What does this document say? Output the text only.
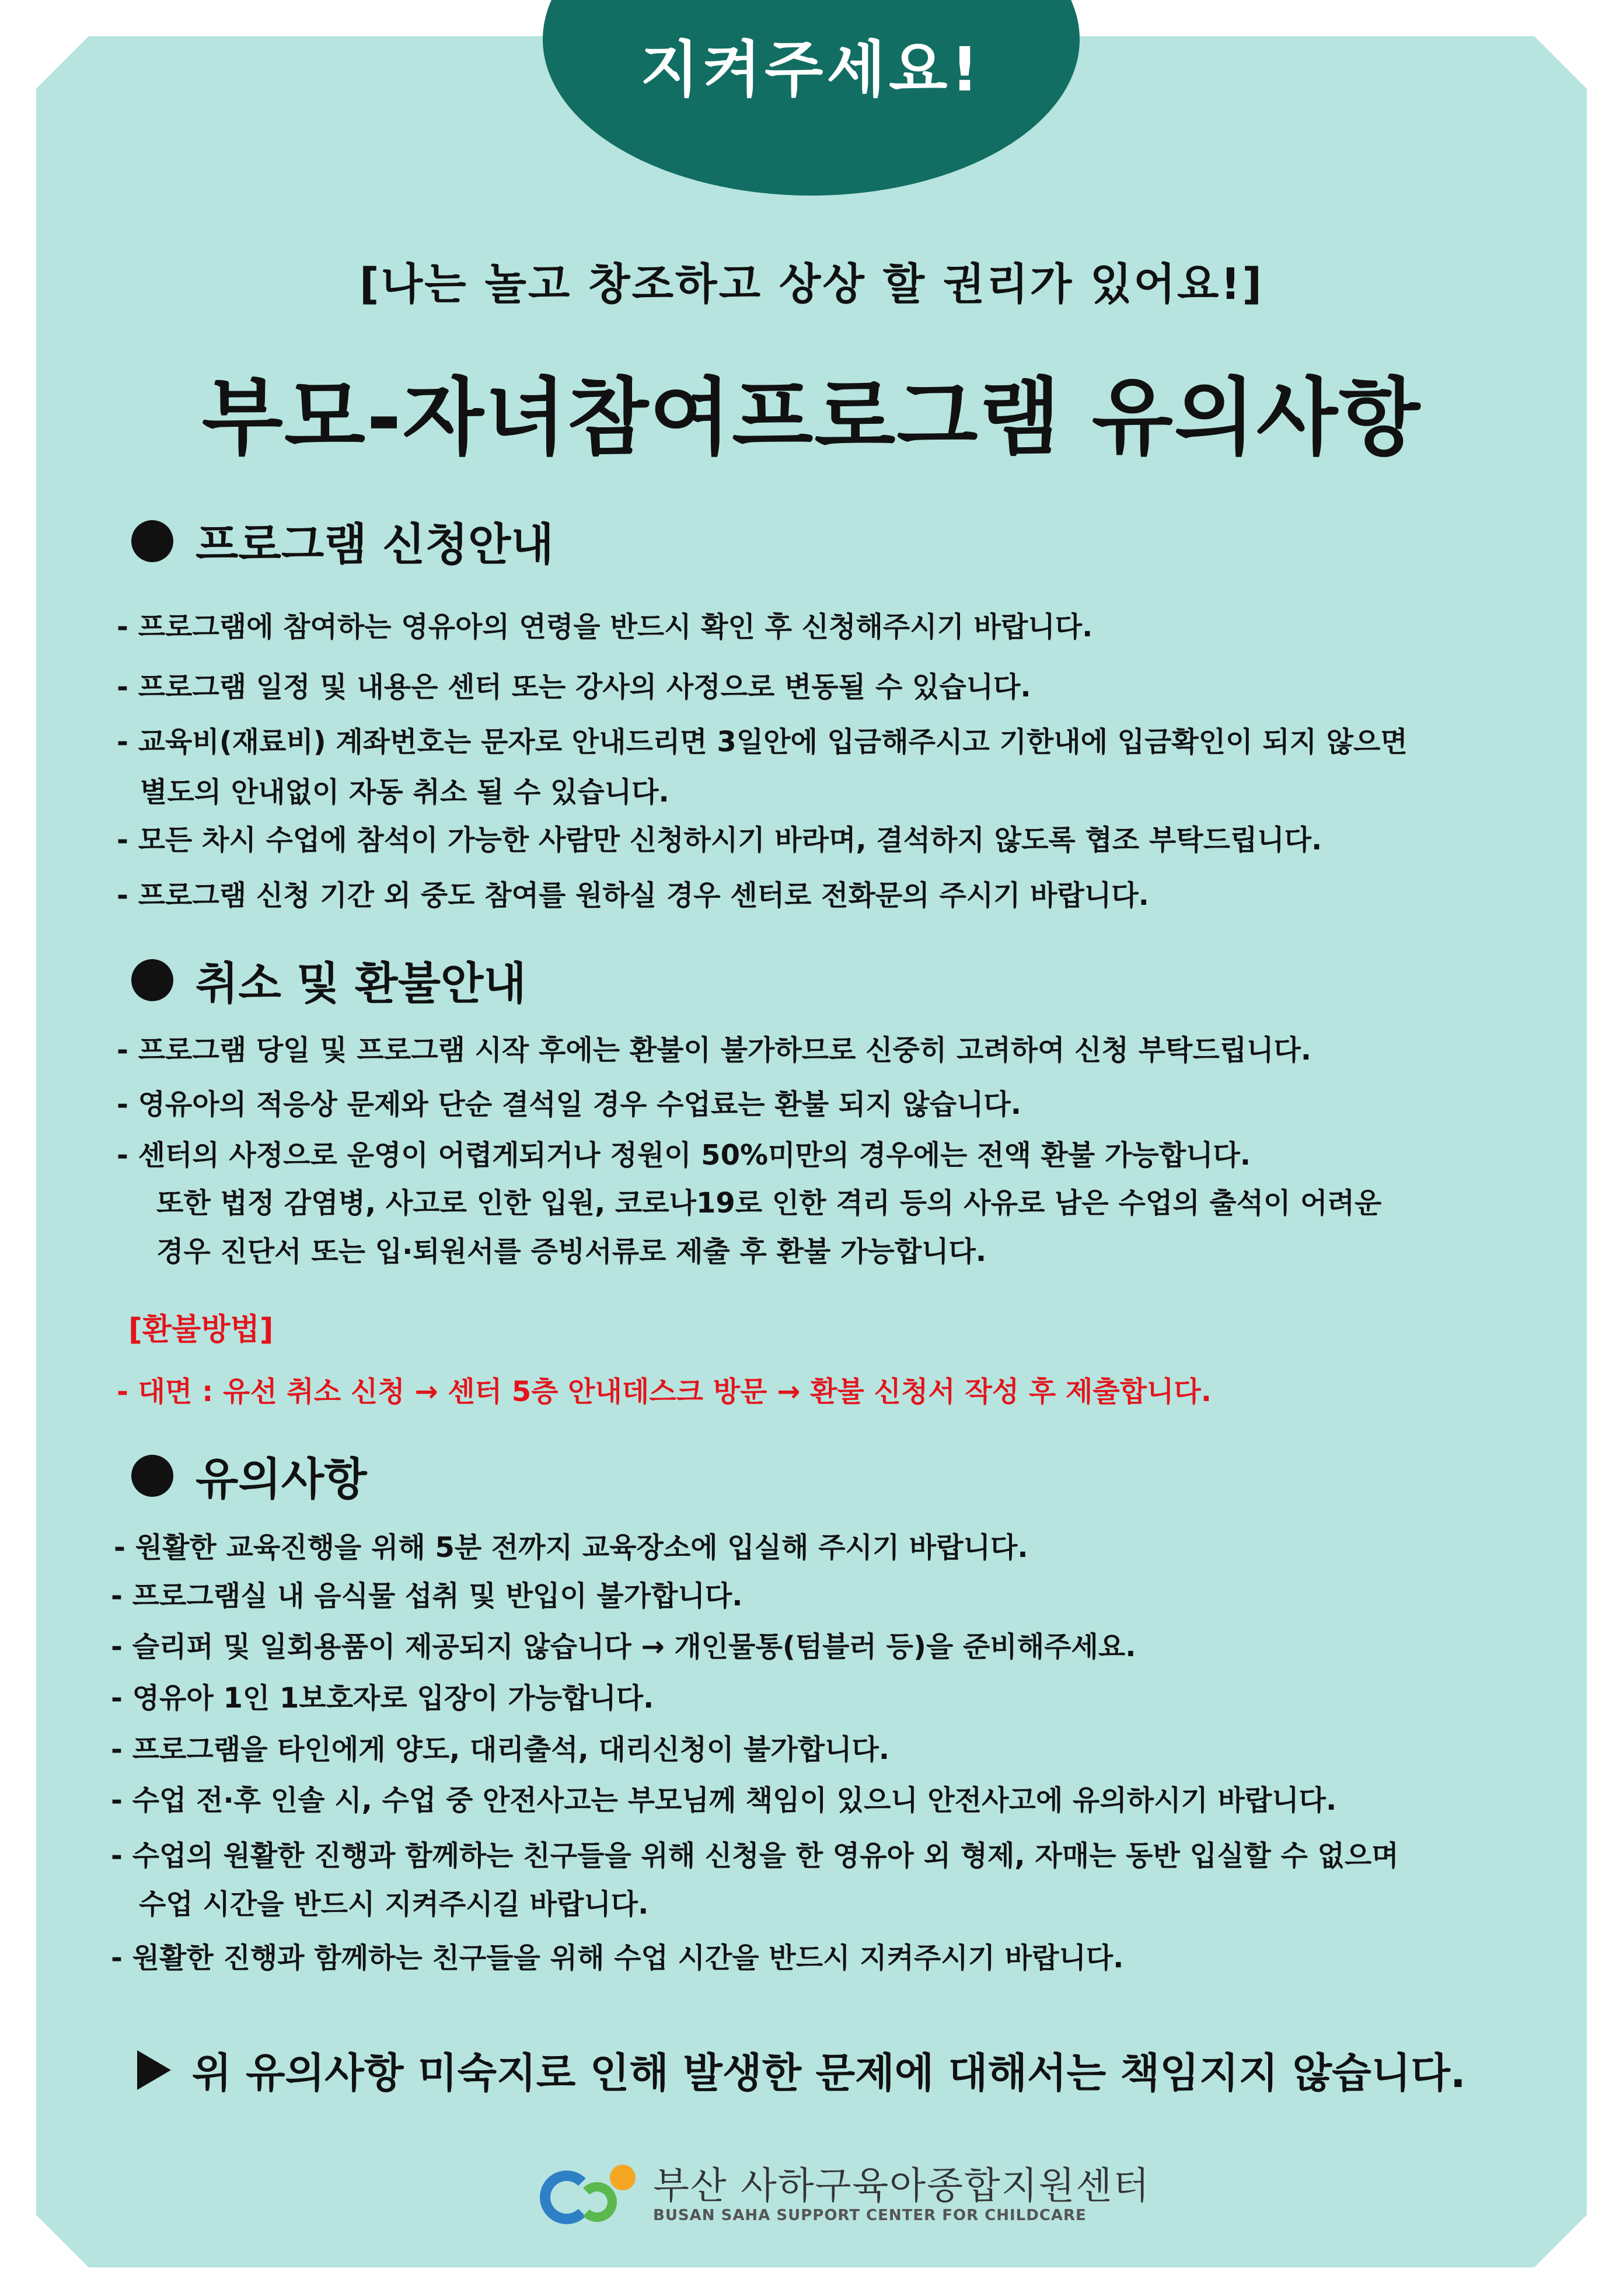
지켜주세요!
[나는 놀고 창조하고 상상 할 권리가 있어요!]
부모-자녀참여프로그램 유의사항
프로그램 신청안내
- 프로그램에 참여하는 영유아의 연령을 반드시 확인 후 신청해주시기 바랍니다.
- 프로그램 일정 및 내용은 센터 또는 강사의 사정으로 변동될 수 있습니다.
- 교육비(재료비) 계좌번호는 문자로 안내드리면 3일안에 입금해주시고 기한내에 입금확인이 되지 않으면
별도의 안내없이 자동 취소 될 수 있습니다.
- 모든 차시 수업에 참석이 가능한 사람만 신청하시기 바라며, 결석하지 않도록 협조 부탁드립니다.
- 프로그램 신청 기간 외 중도 참여를 원하실 경우 센터로 전화문의 주시기 바랍니다.
취소 및 환불안내
- 프로그램 당일 및 프로그램 시작 후에는 환불이 불가하므로 신중히 고려하여 신청 부탁드립니다.
- 영유아의 적응상 문제와 단순 결석일 경우 수업료는 환불 되지 않습니다.
- 센터의 사정으로 운영이 어렵게되거나 정원이 50%미만의 경우에는 전액 환불 가능합니다.
또한 법정 감염병, 사고로 인한 입원, 코로나19로 인한 격리 등의 사유로 남은 수업의 출석이 어려운
경우 진단서 또는 입·퇴원서를 증빙서류로 제출 후 환불 가능합니다.
[환불방법]
- 대면 : 유선 취소 신청 → 센터 5층 안내데스크 방문 → 환불 신청서 작성 후 제출합니다.
유의사항
- 원활한 교육진행을 위해 5분 전까지 교육장소에 입실해 주시기 바랍니다.
- 프로그램실 내 음식물 섭취 및 반입이 불가합니다.
- 슬리퍼 및 일회용품이 제공되지 않습니다 → 개인물통(텀블러 등)을 준비해주세요.
- 영유아 1인 1보호자로 입장이 가능합니다.
- 프로그램을 타인에게 양도, 대리출석, 대리신청이 불가합니다.
- 수업 전·후 인솔 시, 수업 중 안전사고는 부모님께 책임이 있으니 안전사고에 유의하시기 바랍니다.
- 수업의 원활한 진행과 함께하는 친구들을 위해 신청을 한 영유아 외 형제, 자매는 동반 입실할 수 없으며
수업 시간을 반드시 지켜주시길 바랍니다.
- 원활한 진행과 함께하는 친구들을 위해 수업 시간을 반드시 지켜주시기 바랍니다.
위 유의사항 미숙지로 인해 발생한 문제에 대해서는 책임지지 않습니다.
부산 사하구육아종합지원센터
BUSAN SAHA SUPPORT CENTER FOR CHILDCARE
